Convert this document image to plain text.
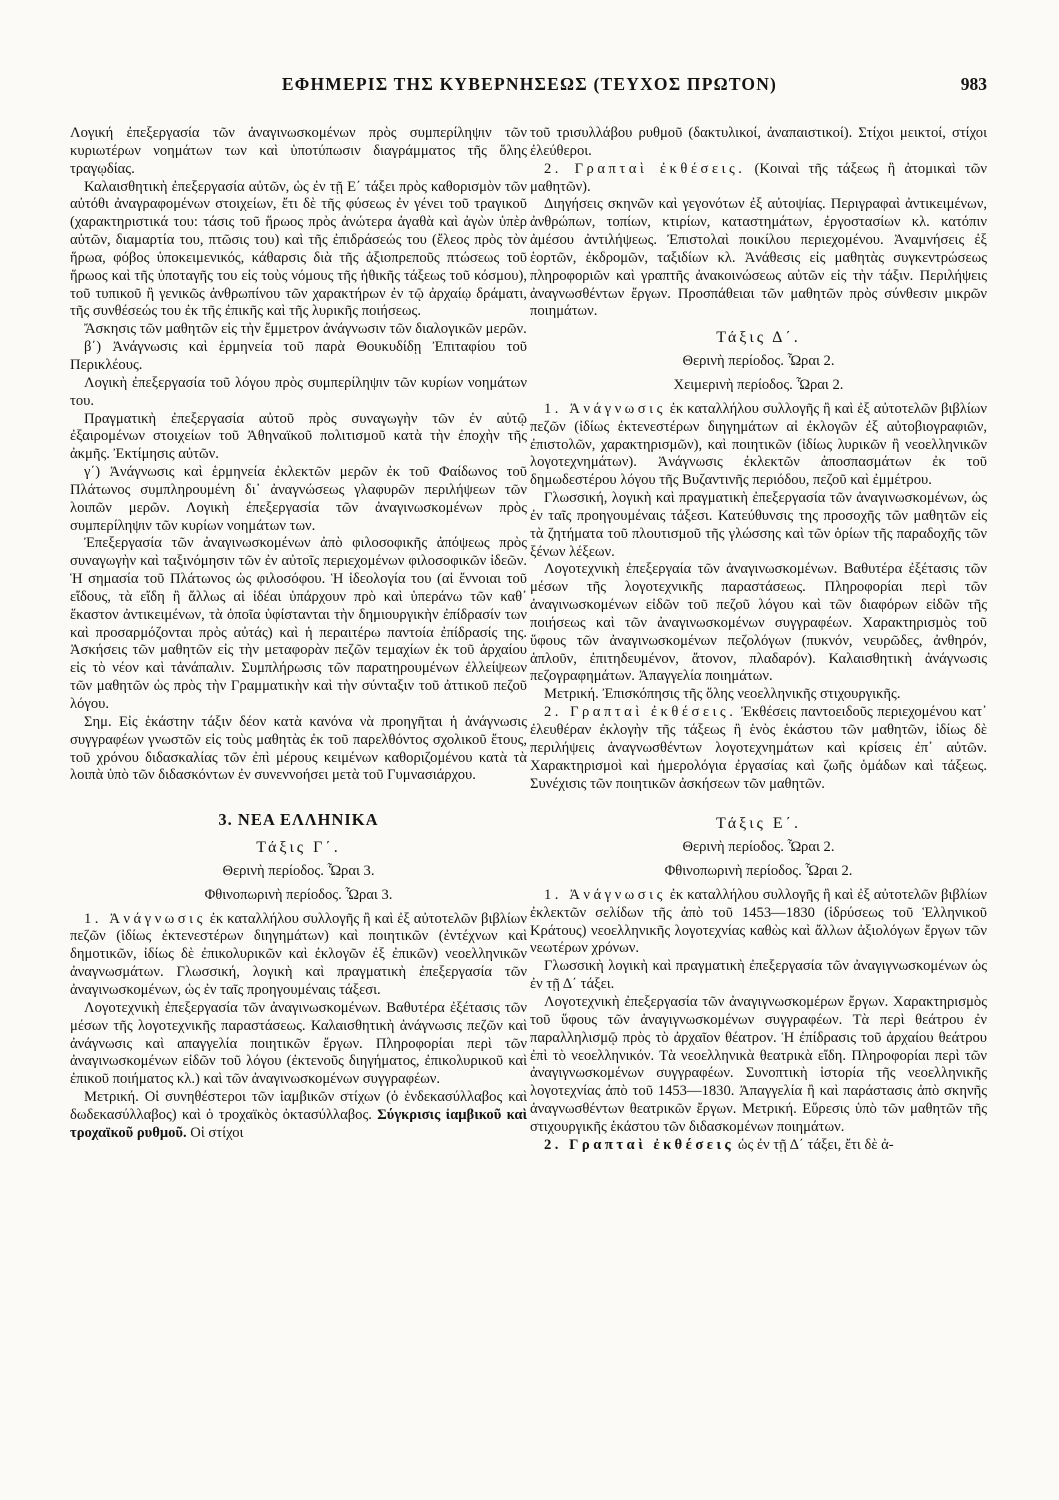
ΕΦΗΜΕΡΙΣ ΤΗΣ ΚΥΒΕΡΝΗΣΕΩΣ (ΤΕΥΧΟΣ ΠΡΩΤΟΝ)	983

Λογική ἐπεξεργασία τῶν ἀναγινωσκομένων πρὸς συμπερίληψιν τῶν κυριωτέρων νοημάτων των καὶ ὑποτύπωσιν διαγράμματος τῆς ὅλης τραγῳδίας.

Καλαισθητικὴ ἐπεξεργασία αὐτῶν, ὡς ἐν τῇ Ε΄ τάξει πρὸς καθορισμὸν τῶν αὐτόθι ἀναγραφομένων στοιχείων, ἔτι δὲ τῆς φύσεως ἐν γένει τοῦ τραγικοῦ (χαρακτηριστικά του: τάσις τοῦ ἥρωος πρὸς ἀνώτερα ἀγαθὰ καὶ ἀγὼν ὑπὲρ αὐτῶν, διαμαρτία του, πτῶσις του) καὶ τῆς ἐπιδράσεώς του (ἔλεος πρὸς τὸν ἥρωα, φόβος ὑποκειμενικός, κάθαρσις διὰ τῆς ἀξιοπρεποῦς πτώσεως τοῦ ἥρωος καὶ τῆς ὑποταγῆς του εἰς τοὺς νόμους τῆς ἠθικῆς τάξεως τοῦ κόσμου), τοῦ τυπικοῦ ἢ γενικῶς ἀνθρωπίνου τῶν χαρακτήρων ἐν τῷ ἀρχαίῳ δράματι, τῆς συνθέσεώς του ἐκ τῆς ἐπικῆς καὶ τῆς λυρικῆς ποιήσεως.

Ἄσκησις τῶν μαθητῶν εἰς τὴν ἔμμετρον ἀνάγνωσιν τῶν διαλογικῶν μερῶν.

β΄) Ἀνάγνωσις καὶ ἑρμηνεία τοῦ παρὰ Θουκυδίδῃ Ἐπιταφίου τοῦ Περικλέους.

Λογικὴ ἐπεξεργασία τοῦ λόγου πρὸς συμπερίληψιν τῶν κυρίων νοημάτων του.

Πραγματικὴ ἐπεξεργασία αὐτοῦ πρὸς συναγωγὴν τῶν ἐν αὐτῷ ἐξαιρομένων στοιχείων τοῦ Ἀθηναϊκοῦ πολιτισμοῦ κατὰ τὴν ἐποχὴν τῆς ἀκμῆς. Ἐκτίμησις αὐτῶν.

γ΄) Ἀνάγνωσις καὶ ἑρμηνεία ἐκλεκτῶν μερῶν ἐκ τοῦ Φαίδωνος τοῦ Πλάτωνος συμπληρουμένη δι᾽ ἀναγνώσεως γλαφυρῶν περιλήψεων τῶν λοιπῶν μερῶν. Λογικὴ ἐπεξεργασία τῶν ἀναγινωσκομένων πρὸς συμπερίληψιν τῶν κυρίων νοημάτων των.

Ἐπεξεργασία τῶν ἀναγινωσκομένων ἀπὸ φιλοσοφικῆς ἀπόψεως πρὸς συναγωγὴν καὶ ταξινόμησιν τῶν ἐν αὐτοῖς περιεχομένων φιλοσοφικῶν ἰδεῶν. Ἡ σημασία τοῦ Πλάτωνος ὡς φιλοσόφου. Ἡ ἰδεολογία του (αἱ ἔννοιαι τοῦ εἴδους, τὰ εἴδη ἢ ἄλλως αἱ ἰδέαι ὑπάρχουν πρὸ καὶ ὑπεράνω τῶν καθ᾽ ἕκαστον ἀντικειμένων, τὰ ὁποῖα ὑφίστανται τὴν δημιουργικὴν ἐπίδρασίν των καὶ προσαρμόζονται πρὸς αὐτάς) καὶ ἡ περαιτέρω παντοία ἐπίδρασίς της. Ἀσκήσεις τῶν μαθητῶν εἰς τὴν μεταφορὰν πεζῶν τεμαχίων ἐκ τοῦ ἀρχαίου εἰς τὸ νέον καὶ τἀνάπαλιν. Συμπλήρωσις τῶν παρατηρουμένων ἐλλείψεων τῶν μαθητῶν ὡς πρὸς τὴν Γραμματικὴν καὶ τὴν σύνταξιν τοῦ ἀττικοῦ πεζοῦ λόγου.

Σημ. Εἰς ἑκάστην τάξιν δέον κατὰ κανόνα νὰ προηγῆται ἡ ἀνάγνωσις συγγραφέων γνωστῶν εἰς τοὺς μαθητὰς ἐκ τοῦ παρελθόντος σχολικοῦ ἔτους, τοῦ χρόνου διδασκαλίας τῶν ἐπὶ μέρους κειμένων καθοριζομένου κατὰ τὰ λοιπὰ ὑπὸ τῶν διδασκόντων ἐν συνεννοήσει μετὰ τοῦ Γυμνασιάρχου.

3. ΝΕΑ ΕΛΛΗΝΙΚΑ
Τάξις Γ΄.
Θερινὴ περίοδος. Ὧραι 3.
Φθινοπωρινὴ περίοδος. Ὧραι 3.

1. Ἀνάγνωσις ἐκ καταλλήλου συλλογῆς ἢ καὶ ἐξ αὐτοτελῶν βιβλίων πεζῶν (ἰδίως ἐκτενεστέρων διηγημάτων) καὶ ποιητικῶν (ἐντέχνων καὶ δημοτικῶν, ἰδίως δὲ ἐπικολυρικῶν καὶ ἐκλογῶν ἐξ ἐπικῶν) νεοελληνικῶν ἀναγνωσμάτων. Γλωσσική, λογικὴ καὶ πραγματικὴ ἐπεξεργασία τῶν ἀναγινωσκομένων, ὡς ἐν ταῖς προηγουμέναις τάξεσι.

Λογοτεχνικὴ ἐπεξεργασία τῶν ἀναγινωσκομένων. Βαθυτέρα ἐξέτασις τῶν μέσων τῆς λογοτεχνικῆς παραστάσεως. Καλαισθητικὴ ἀνάγνωσις πεζῶν καὶ ἀνάγνωσις καὶ απαγγελία ποιητικῶν ἔργων. Πληροφορίαι περὶ τῶν ἀναγινωσκομένων εἰδῶν τοῦ λόγου (ἐκτενοῦς διηγήματος, ἐπικολυρικοῦ καὶ ἐπικοῦ ποιήματος κλ.) καὶ τῶν ἀναγινωσκομένων συγγραφέων.

Μετρική. Οἱ συνηθέστεροι τῶν ἰαμβικῶν στίχων (ὁ ἑνδεκασύλλαβος καὶ δωδεκασύλλαβος) καὶ ὁ τροχαϊκὸς ὀκτασύλλαβος. Σύγκρισις ἰαμβικοῦ καὶ τροχαϊκοῦ ρυθμοῦ. Οἱ στίχοι

τοῦ τρισυλλάβου ρυθμοῦ (δακτυλικοί, ἀναπαιστικοί). Στίχοι μεικτοί, στίχοι ἐλεύθεροι.

2. Γραπταὶ ἐκθέσεις. (Κοιναὶ τῆς τάξεως ἢ ἀτομικαὶ τῶν μαθητῶν).

Διηγήσεις σκηνῶν καὶ γεγονότων ἐξ αὐτοψίας. Περιγραφαὶ ἀντικειμένων, ἀνθρώπων, τοπίων, κτιρίων, καταστημάτων, ἐργοστασίων κλ. κατόπιν ἀμέσου ἀντιλήψεως. Ἐπιστολαὶ ποικίλου περιεχομένου. Ἀναμνήσεις ἐξ ἑορτῶν, ἐκδρομῶν, ταξιδίων κλ. Ἀνάθεσις εἰς μαθητὰς συγκεντρώσεως πληροφοριῶν καὶ γραπτῆς ἀνακοινώσεως αὐτῶν εἰς τὴν τάξιν. Περιλήψεις ἀναγνωσθέντων ἔργων. Προσπάθειαι τῶν μαθητῶν πρὸς σύνθεσιν μικρῶν ποιημάτων.

Τάξις Δ΄.
Θερινὴ περίοδος. Ὧραι 2.
Χειμερινὴ περίοδος. Ὧραι 2.

1. Ἀνάγνωσις ἐκ καταλλήλου συλλογῆς ἢ καὶ ἐξ αὐτοτελῶν βιβλίων πεζῶν (ἰδίως ἐκτενεστέρων διηγημάτων αἱ ἐκλογῶν ἐξ αὐτοβιογραφιῶν, ἐπιστολῶν, χαρακτηρισμῶν), καὶ ποιητικῶν (ἰδίως λυρικῶν ἢ νεοελληνικῶν λογοτεχνημάτων). Ἀνάγνωσις ἐκλεκτῶν ἀποσπασμάτων ἐκ τοῦ δημωδεστέρου λόγου τῆς Βυζαντινῆς περιόδου, πεζοῦ καὶ ἐμμέτρου.

Γλωσσική, λογικὴ καὶ πραγματικὴ ἐπεξεργασία τῶν ἀναγινωσκομένων, ὡς ἐν ταῖς προηγουμέναις τάξεσι. Κατεύθυνσις της προσοχῆς τῶν μαθητῶν εἰς τὰ ζητήματα τοῦ πλουτισμοῦ τῆς γλώσσης καὶ τῶν ὁρίων τῆς παραδοχῆς τῶν ξένων λέξεων.

Λογοτεχνικὴ ἐπεξεργαία τῶν ἀναγινωσκομένων. Βαθυτέρα ἐξέτασις τῶν μέσων τῆς λογοτεχνικῆς παραστάσεως. Πληροφορίαι περὶ τῶν ἀναγινωσκομένων εἰδῶν τοῦ πεζοῦ λόγου καὶ τῶν διαφόρων εἰδῶν τῆς ποιήσεως καὶ τῶν ἀναγινωσκομένων συγγραφέων. Χαρακτηρισμὸς τοῦ ὕφους τῶν ἀναγινωσκομένων πεζολόγων (πυκνόν, νευρῶδες, ἀνθηρόν, ἁπλοῦν, ἐπιτηδευμένον, ἄτονον, πλαδαρόν). Καλαισθητικὴ ἀνάγνωσις πεζογραφημάτων. Ἀπαγγελία ποιημάτων.

Μετρική. Ἐπισκόπησις τῆς ὅλης νεοελληνικῆς στιχουργικῆς.

2. Γραπταὶ ἐκθέσεις. Ἐκθέσεις παντοειδοῦς περιεχομένου κατ᾽ ἐλευθέραν ἐκλογὴν τῆς τάξεως ἢ ἑνὸς ἑκάστου τῶν μαθητῶν, ἰδίως δὲ περιλήψεις ἀναγνωσθέντων λογοτεχνημάτων καὶ κρίσεις ἐπ᾽ αὐτῶν. Χαρακτηρισμοὶ καὶ ἡμερολόγια ἐργασίας καὶ ζωῆς ὁμάδων καὶ τάξεως. Συνέχισις τῶν ποιητικῶν ἀσκήσεων τῶν μαθητῶν.

Τάξις Ε΄.
Θερινὴ περίοδος. Ὧραι 2.
Φθινοπωρινὴ περίοδος. Ὧραι 2.

1. Ἀνάγνωσις ἐκ καταλλήλου συλλογῆς ἢ καὶ ἐξ αὐτοτελῶν βιβλίων ἐκλεκτῶν σελίδων τῆς ἀπὸ τοῦ 1453—1830 (ἱδρύσεως τοῦ Ἑλληνικοῦ Κράτους) νεοελληνικῆς λογοτεχνίας καθὼς καὶ ἄλλων ἀξιολόγων ἔργων τῶν νεωτέρων χρόνων.

Γλωσσικὴ λογικὴ καὶ πραγματικὴ ἐπεξεργασία τῶν ἀναγιγνωσκομένων ὡς ἐν τῇ Δ΄ τάξει.

Λογοτεχνικὴ ἐπεξεργασία τῶν ἀναγιγνωσκομέρων ἔργων. Χαρακτηρισμὸς τοῦ ὕφους τῶν ἀναγιγνωσκομένων συγγραφέων. Τὰ περὶ θεάτρου ἐν παραλληλισμῷ πρὸς τὸ ἀρχαῖον θέατρον. Ἡ ἐπίδρασις τοῦ ἀρχαίου θεάτρου ἐπὶ τὸ νεοελληνικόν. Τὰ νεοελληνικὰ θεατρικὰ εἴδη. Πληροφορίαι περὶ τῶν ἀναγιγνωσκομένων συγγραφέων. Συνοπτικὴ ἱστορία τῆς νεοελληνικῆς λογοτεχνίας ἀπὸ τοῦ 1453—1830. Ἀπαγγελία ἢ καὶ παράστασις ἀπὸ σκηνῆς ἀναγνωσθέντων θεατρικῶν ἔργων. Μετρική. Εὕρεσις ὑπὸ τῶν μαθητῶν τῆς στιχουργικῆς ἑκάστου τῶν διδασκομένων ποιημάτων.

2. Γραπταὶ ἐκθέσεις ὡς ἐν τῇ Δ΄ τάξει, ἔτι δὲ ἀ-
